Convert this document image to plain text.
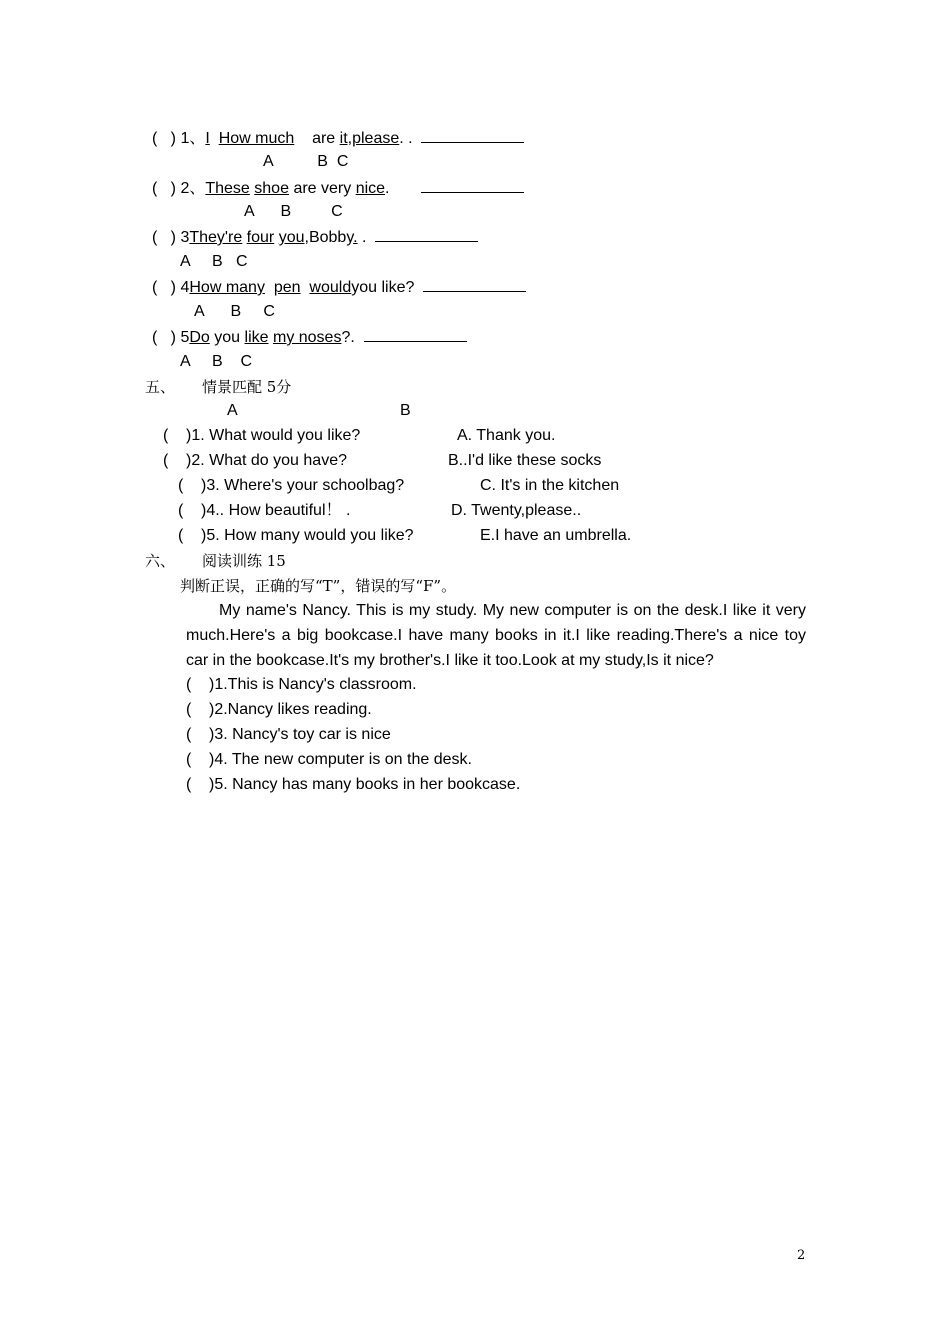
(   ) 1、I How much are it,please. .
A	B C
(   ) 2、These shoe are very nice.
A B	C
(   ) 3They're four you,Bobby. .
A B C
(   ) 4How many pen wouldyou like?
A B C
(   ) 5Do you like my noses?.
A B C
五、 情景匹配 5分
A	B
( )1. What would you like?	A. Thank you.
( )2. What do you have?	B..I'd like these socks
( )3. Where's your schoolbag?	C. It's in the kitchen
( )4.. How beautiful！ .	D. Twenty,please..
( )5. How many would you like?	E.I have an umbrella.
六、 阅读训练 15
判断正误，正确的写“T”，错误的写“F”。
My name's Nancy. This is my study. My new computer is on the desk.I like it very much.Here's a big bookcase.I have many books in it.I like reading.There's a nice toy car in the bookcase.It's my brother's.I like it too.Look at my study,Is it nice?
( )1.This is Nancy's classroom.
( )2.Nancy likes reading.
( )3. Nancy's toy car is nice
( )4. The new computer is on the desk.
( )5. Nancy has many books in her bookcase.
2
